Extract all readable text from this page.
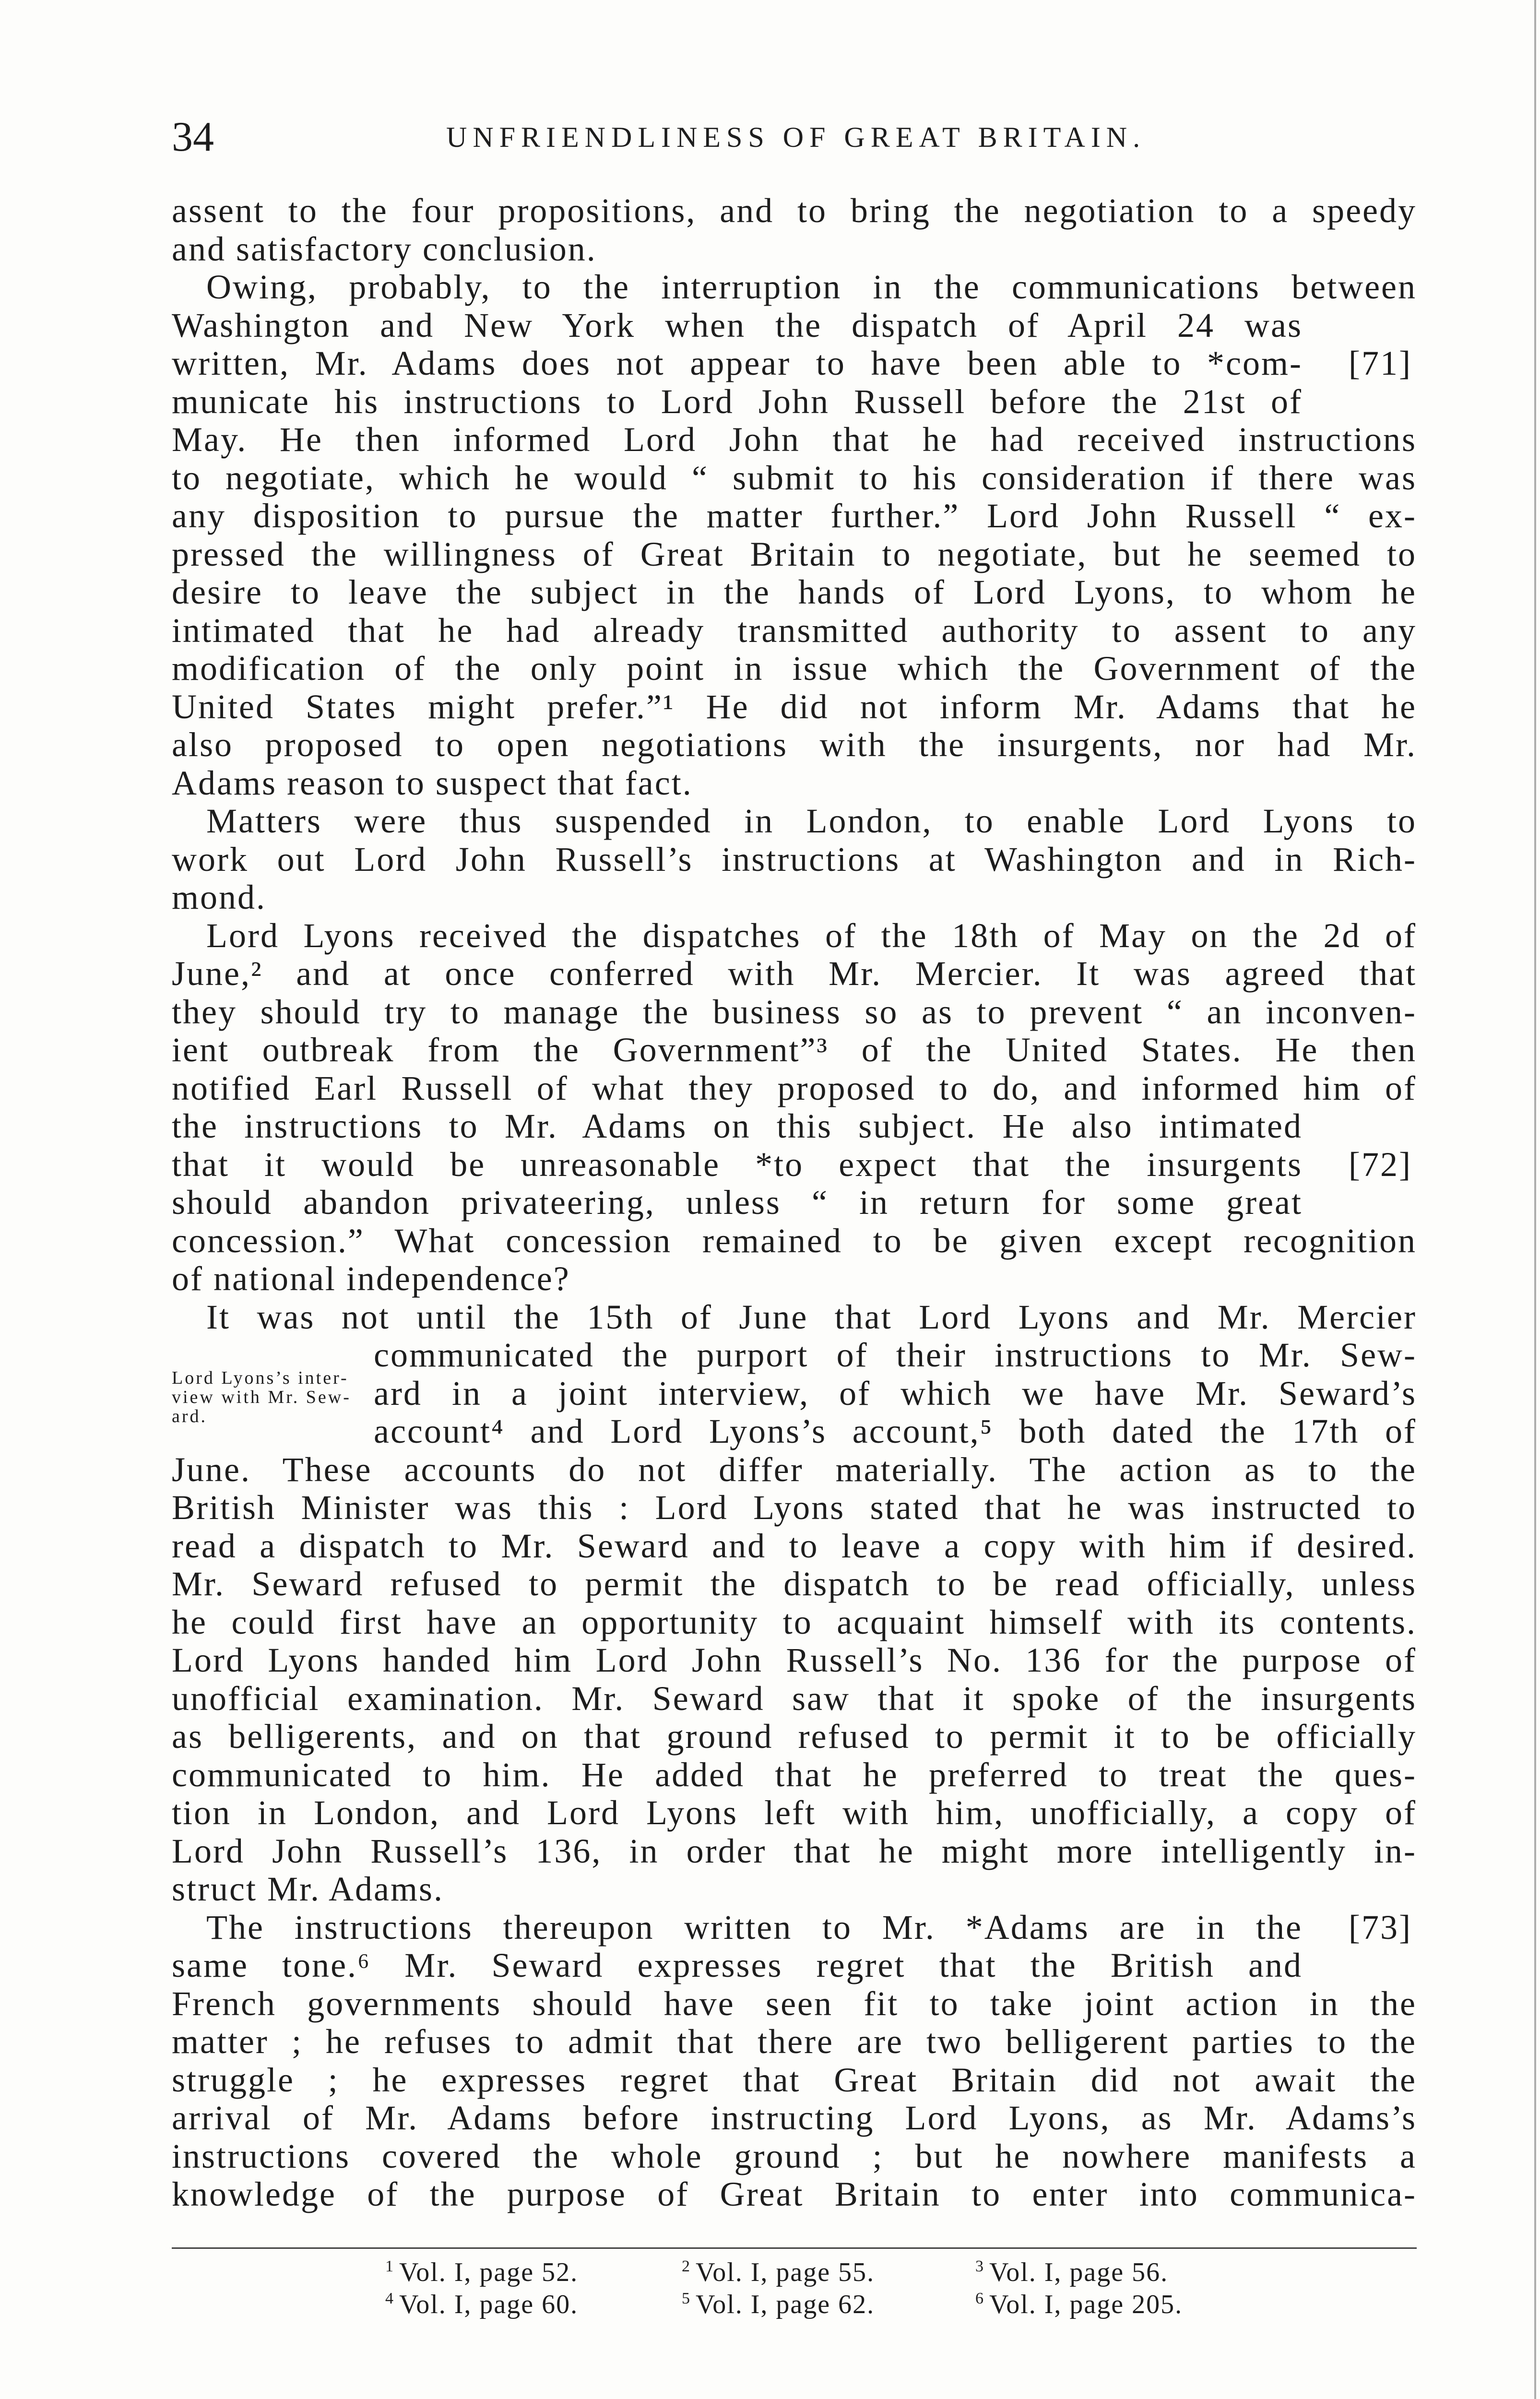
34	UNFRIENDLINESS OF GREAT BRITAIN.
assent to the four propositions, and to bring the negotiation to a speedy
and satisfactory conclusion.
Owing, probably, to the interruption in the communications between
Washington and New York when the dispatch of April 24 was
written, Mr. Adams does not appear to have been able to *com- [71]
municate his instructions to Lord John Russell before the 21st of
May. He then informed Lord John that he had received instructions
to negotiate, which he would “ submit to his consideration if there was
any disposition to pursue the matter further.” Lord John Russell “ ex-
pressed the willingness of Great Britain to negotiate, but he seemed to
desire to leave the subject in the hands of Lord Lyons, to whom he
intimated that he had already transmitted authority to assent to any
modification of the only point in issue which the Government of the
United States might prefer.”¹ He did not inform Mr. Adams that he
also proposed to open negotiations with the insurgents, nor had Mr.
Adams reason to suspect that fact.
Matters were thus suspended in London, to enable Lord Lyons to
work out Lord John Russell’s instructions at Washington and in Rich-
mond.
Lord Lyons received the dispatches of the 18th of May on the 2d of
June,² and at once conferred with Mr. Mercier. It was agreed that
they should try to manage the business so as to prevent “ an inconven-
ient outbreak from the Government”³ of the United States. He then
notified Earl Russell of what they proposed to do, and informed him of
the instructions to Mr. Adams on this subject. He also intimated
that it would be unreasonable *to expect that the insurgents [72]
should abandon privateering, unless “ in return for some great
concession.” What concession remained to be given except recognition
of national independence?
It was not until the 15th of June that Lord Lyons and Mr. Mercier
communicated the purport of their instructions to Mr. Sew-
ard in a joint interview, of which we have Mr. Seward’s
account⁴ and Lord Lyons’s account,⁵ both dated the 17th of
June. These accounts do not differ materially. The action as to the
British Minister was this : Lord Lyons stated that he was instructed to
read a dispatch to Mr. Seward and to leave a copy with him if desired.
Mr. Seward refused to permit the dispatch to be read officially, unless
he could first have an opportunity to acquaint himself with its contents.
Lord Lyons handed him Lord John Russell’s No. 136 for the purpose of
unofficial examination. Mr. Seward saw that it spoke of the insurgents
as belligerents, and on that ground refused to permit it to be officially
communicated to him. He added that he preferred to treat the ques-
tion in London, and Lord Lyons left with him, unofficially, a copy of
Lord John Russell’s 136, in order that he might more intelligently in-
struct Mr. Adams.
The instructions thereupon written to Mr. *Adams are in the [73]
same tone.⁶ Mr. Seward expresses regret that the British and
French governments should have seen fit to take joint action in the
matter ; he refuses to admit that there are two belligerent parties to the
struggle ; he expresses regret that Great Britain did not await the
arrival of Mr. Adams before instructing Lord Lyons, as Mr. Adams’s
instructions covered the whole ground ; but he nowhere manifests a
knowledge of the purpose of Great Britain to enter into communica-
Lord Lyons’s inter-
view with Mr. Sew-
ard.
$^1$ Vol. I, page 52.	$^2$ Vol. I, page 55.	$^3$ Vol. I, page 56.
$^4$ Vol. I, page 60.	$^5$ Vol. I, page 62.	$^6$ Vol. I, page 205.
